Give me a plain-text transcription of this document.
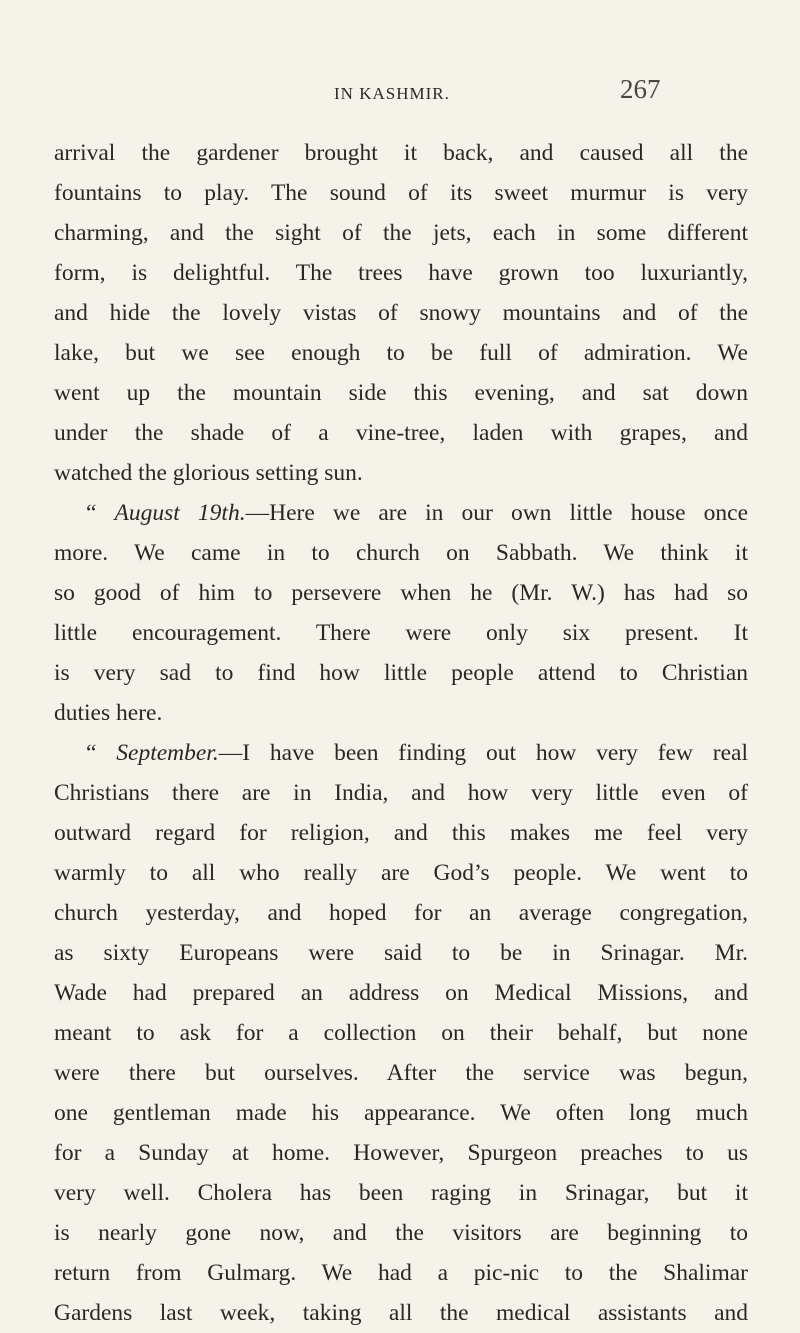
IN KASHMIR.	267
arrival the gardener brought it back, and caused all the
fountains to play. The sound of its sweet murmur is very
charming, and the sight of the jets, each in some different
form, is delightful. The trees have grown too luxuriantly,
and hide the lovely vistas of snowy mountains and of the
lake, but we see enough to be full of admiration. We
went up the mountain side this evening, and sat down
under the shade of a vine-tree, laden with grapes, and
watched the glorious setting sun.
“ August 19th.—Here we are in our own little house once
more. We came in to church on Sabbath. We think it
so good of him to persevere when he (Mr. W.) has had so
little encouragement. There were only six present. It
is very sad to find how little people attend to Christian
duties here.
“ September.—I have been finding out how very few real
Christians there are in India, and how very little even of
outward regard for religion, and this makes me feel very
warmly to all who really are God’s people. We went to
church yesterday, and hoped for an average congregation,
as sixty Europeans were said to be in Srinagar. Mr.
Wade had prepared an address on Medical Missions, and
meant to ask for a collection on their behalf, but none
were there but ourselves. After the service was begun,
one gentleman made his appearance. We often long much
for a Sunday at home. However, Spurgeon preaches to us
very well. Cholera has been raging in Srinagar, but it
is nearly gone now, and the visitors are beginning to
return from Gulmarg. We had a pic-nic to the Shalimar
Gardens last week, taking all the medical assistants and
